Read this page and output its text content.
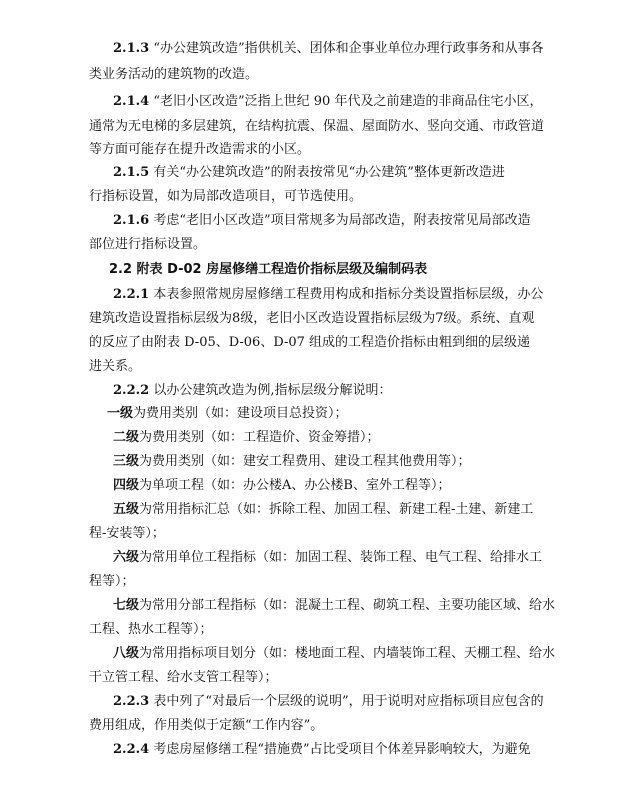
2.1.3 “办公建筑改造”指供机关、团体和企事业单位办理行政事务和从事各
类业务活动的建筑物的改造。
2.1.4 “老旧小区改造”泛指上世纪 90 年代及之前建造的非商品住宅小区，
通常为无电梯的多层建筑，在结构抗震、保温、屋面防水、竖向交通、市政管道
等方面可能存在提升改造需求的小区。
2.1.5 有关“办公建筑改造”的附表按常见“办公建筑”整体更新改造进
行指标设置，如为局部改造项目，可节选使用。
2.1.6 考虑“老旧小区改造”项目常规多为局部改造，附表按常见局部改造
部位进行指标设置。
2.2 附表 D-02 房屋修缮工程造价指标层级及编制码表
2.2.1 本表参照常规房屋修缮工程费用构成和指标分类设置指标层级，办公
建筑改造设置指标层级为8级，老旧小区改造设置指标层级为7级。系统、直观
的反应了由附表 D-05、D-06、D-07 组成的工程造价指标由粗到细的层级递
进关系。
2.2.2 以办公建筑改造为例,指标层级分解说明：
一级为费用类别（如：建设项目总投资）；
二级为费用类别（如：工程造价、资金筹措）；
三级为费用类别（如：建安工程费用、建设工程其他费用等）；
四级为单项工程（如：办公楼A、办公楼B、室外工程等）；
五级为常用指标汇总（如：拆除工程、加固工程、新建工程-土建、新建工
程-安装等）；
六级为常用单位工程指标（如：加固工程、装饰工程、电气工程、给排水工
程等）；
七级为常用分部工程指标（如：混凝土工程、砌筑工程、主要功能区域、给水
工程、热水工程等）；
八级为常用指标项目划分（如：楼地面工程、内墙装饰工程、天棚工程、给水
干立管工程、给水支管工程等）；
2.2.3 表中列了“对最后一个层级的说明”，用于说明对应指标项目应包含的
费用组成，作用类似于定额“工作内容”。
2.2.4 考虑房屋修缮工程“措施费”占比受项目个体差异影响较大，为避免
